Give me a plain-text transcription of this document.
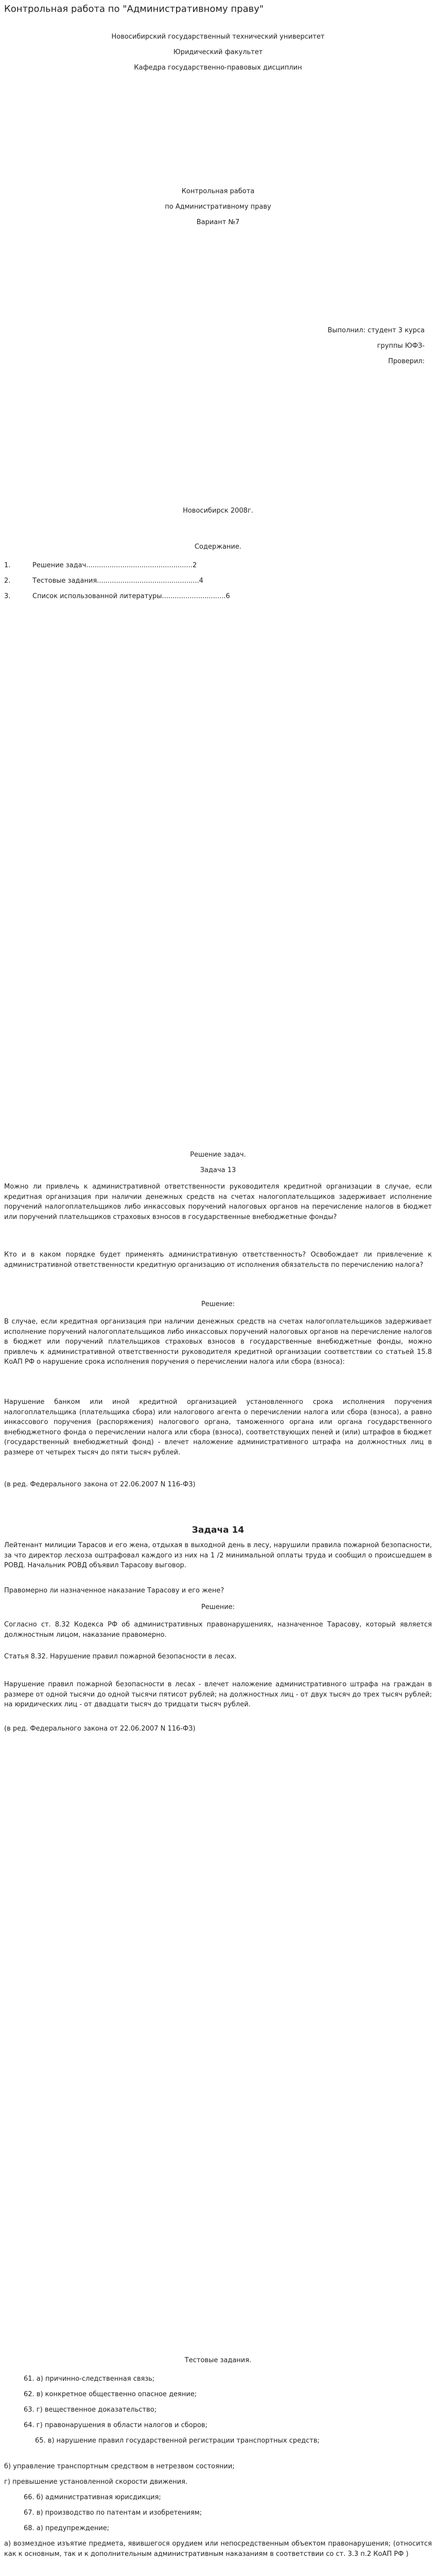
Контрольная работа по "Административному праву"

Новосибирский государственный технический университет

Юридический факультет

Кафедра государственно-правовых дисциплин

Контрольная работа

по Административному праву

Вариант №7

Выполнил: студент 3 курса

группы ЮФЗ-

Проверил:

Новосибирск 2008г.

Содержание.

1.	Решение задач..................................................2
2.	Тестовые задания................................................4
3.	Список использованной литературы..............................6

Решение задач.

Задача 13

Можно ли привлечь к административной ответственности руководителя кредитной организации в случае, если кредитная организация при наличии денежных средств на счетах налогоплательщиков задерживает исполнение поручений налогоплательщиков либо инкассовых поручений налоговых органов на перечисление налогов в бюджет или поручений плательщиков страховых взносов в государственные внебюджетные фонды?

Кто и в каком порядке будет применять административную ответственность? Освобождает ли привлечение к административной ответственности кредитную организацию от исполнения обязательств по перечислению налога?

Решение:

В случае, если кредитная организация при наличии денежных средств на счетах налогоплательщиков задерживает исполнение поручений налогоплательщиков либо инкассовых поручений налоговых органов на перечисление налогов в бюджет или поручений плательщиков страховых взносов в государственные внебюджетные фонды, можно привлечь к административной ответственности руководителя кредитной организации соответствии со статьей 15.8 КоАП РФ о нарушение срока исполнения поручения о перечислении налога или сбора (взноса):

Нарушение банком или иной кредитной организацией установленного срока исполнения поручения налогоплательщика (плательщика сбора) или налогового агента о перечислении налога или сбора (взноса), а равно инкассового поручения (распоряжения) налогового органа, таможенного органа или органа государственного внебюджетного фонда о перечислении налога или сбора (взноса), соответствующих пеней и (или) штрафов в бюджет (государственный внебюджетный фонд) - влечет наложение административного штрафа на должностных лиц в размере от четырех тысяч до пяти тысяч рублей.

(в ред. Федерального закона от 22.06.2007 N 116-ФЗ)

Задача 14

Лейтенант милиции Тарасов и его жена, отдыхая в выходной день в лесу, нарушили правила пожарной безопасности, за что директор лесхоза оштрафовал каждого из них на 1 /2 минимальной оплаты труда и сообщил о происшедшем в РОВД. Начальник РОВД объявил Тарасову выговор.

Правомерно ли назначенное наказание Тарасову и его жене?

Решение:

Согласно ст. 8.32 Кодекса РФ об административных правонарушениях, назначенное Тарасову, который является должностным лицом, наказание правомерно.

Статья 8.32. Нарушение правил пожарной безопасности в лесах.

Нарушение правил пожарной безопасности в лесах - влечет наложение административного штрафа на граждан в размере от одной тысячи до одной тысячи пятисот рублей; на должностных лиц - от двух тысяч до трех тысяч рублей; на юридических лиц - от двадцати тысяч до тридцати тысяч рублей.

(в ред. Федерального закона от 22.06.2007 N 116-ФЗ)

Тестовые задания.

61. а) причинно-следственная связь;

62. в) конкретное общественно опасное деяние;

63. г) вещественное доказательство;

64. г) правонарушения в области налогов и сборов;

65. в) нарушение правил государственной регистрации транспортных средств;

б) управление транспортным средством в нетрезвом состоянии;

г) превышение установленной скорости движения.

66. б) административная юрисдикция;

67. в) производство по патентам и изобретениям;

68. а) предупреждение;

а) возмездное изъятие предмета, явившегося орудием или непосредственным объектом правонарушения; (относится как к основным, так и к дополнительным административным наказаниям в соответствии со ст. 3.3 п.2 КоАП РФ )
